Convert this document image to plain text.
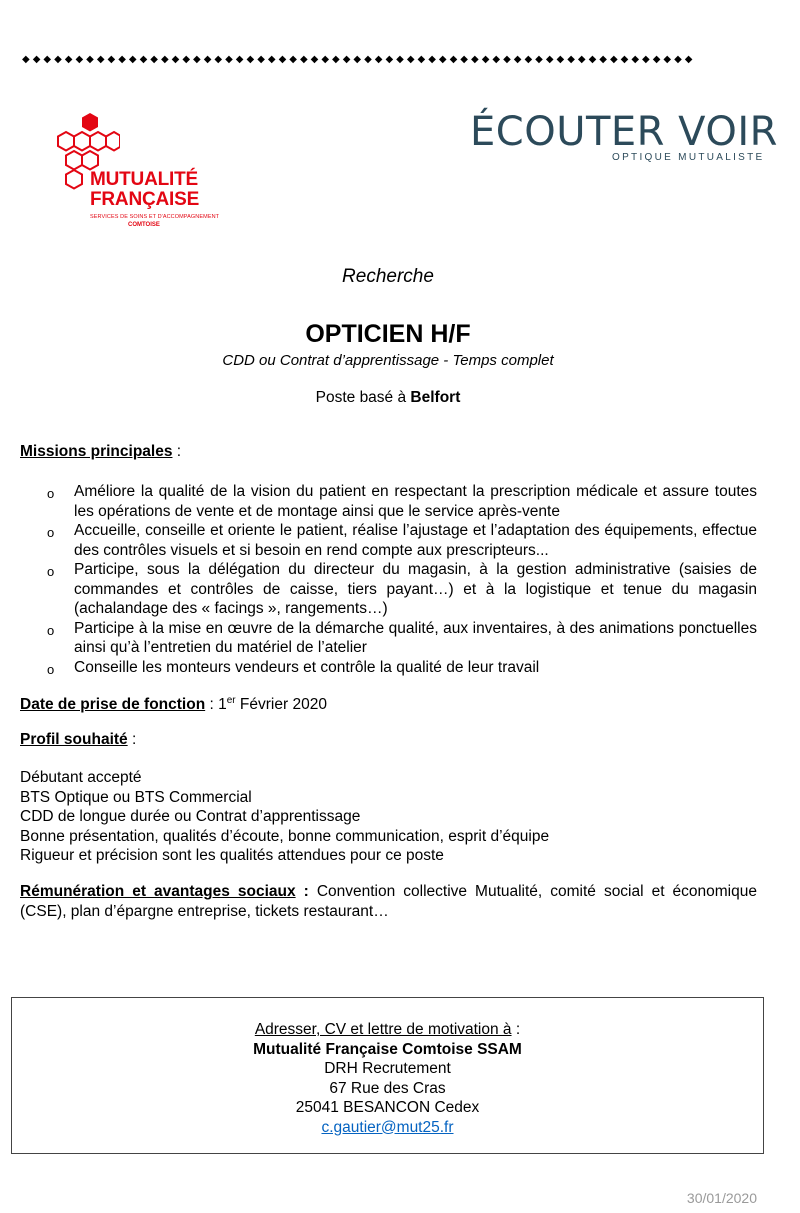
◆◆◆◆◆◆◆◆◆◆◆◆◆◆◆◆◆◆◆◆◆◆◆◆◆◆◆◆◆◆◆◆◆◆◆◆◆◆◆◆◆◆◆◆◆◆◆◆◆◆◆◆◆◆◆◆◆◆◆◆◆◆◆
MUTUALITÉ
FRANÇAISE
SERVICES DE SOINS ET D'ACCOMPAGNEMENT
COMTOISE
ÉCOUTER VOIR
OPTIQUE MUTUALISTE
Recherche
OPTICIEN H/F
CDD ou Contrat d’apprentissage - Temps complet
Poste basé à Belfort
Missions principales :
o Améliore la qualité de la vision du patient en respectant la prescription médicale et assure toutes les opérations de vente et de montage ainsi que le service après-vente
o Accueille, conseille et oriente le patient, réalise l’ajustage et l’adaptation des équipements, effectue des contrôles visuels et si besoin en rend compte aux prescripteurs...
o Participe, sous la délégation du directeur du magasin, à la gestion administrative (saisies de commandes et contrôles de caisse, tiers payant…) et à la logistique et tenue du magasin (achalandage des « facings », rangements…)
o Participe à la mise en œuvre de la démarche qualité, aux inventaires, à des animations ponctuelles ainsi qu’à l’entretien du matériel de l’atelier
o Conseille les monteurs vendeurs et contrôle la qualité de leur travail
Date de prise de fonction : 1er Février 2020
Profil souhaité :
Débutant accepté
BTS Optique ou BTS Commercial
CDD de longue durée ou Contrat d’apprentissage
Bonne présentation, qualités d’écoute, bonne communication, esprit d’équipe
Rigueur et précision sont les qualités attendues pour ce poste
Rémunération et avantages sociaux : Convention collective Mutualité, comité social et économique (CSE), plan d’épargne entreprise, tickets restaurant…
Adresser, CV et lettre de motivation à :
Mutualité Française Comtoise SSAM
DRH Recrutement
67 Rue des Cras
25041 BESANCON Cedex
c.gautier@mut25.fr
30/01/2020
